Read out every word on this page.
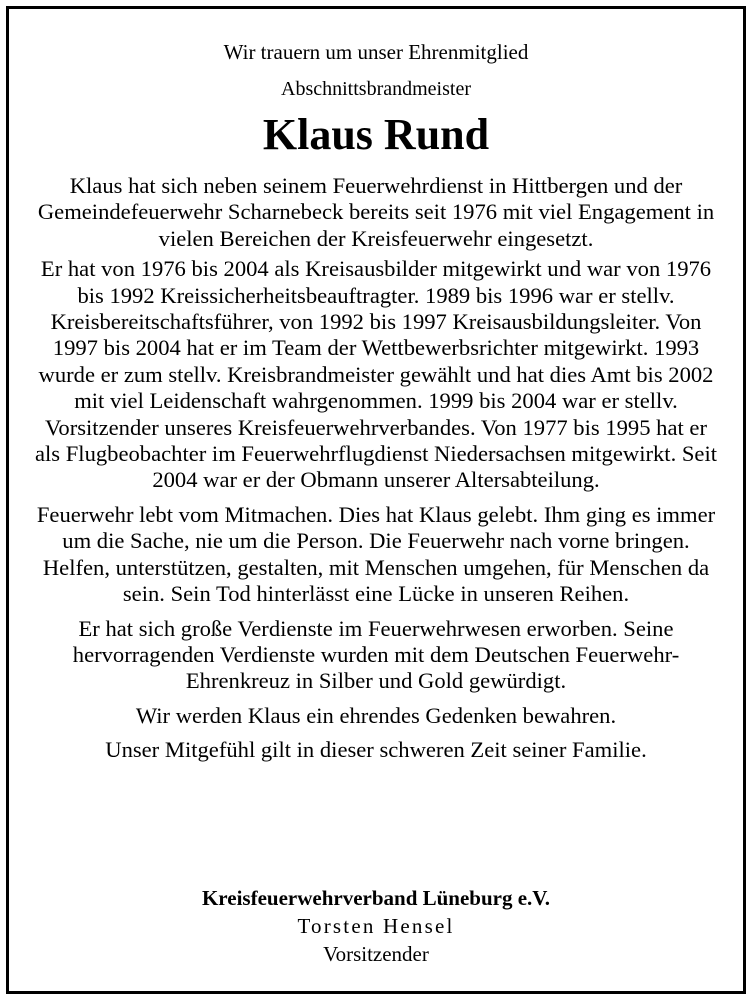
Wir trauern um unser Ehrenmitglied
Abschnittsbrandmeister
Klaus Rund

Klaus hat sich neben seinem Feuerwehrdienst in Hittbergen und der Gemeindefeuerwehr Scharnebeck bereits seit 1976 mit viel Engagement in vielen Bereichen der Kreisfeuerwehr eingesetzt.

Er hat von 1976 bis 2004 als Kreisausbilder mitgewirkt und war von 1976 bis 1992 Kreissicherheitsbeauftragter. 1989 bis 1996 war er stellv. Kreisbereitschaftsführer, von 1992 bis 1997 Kreisausbildungsleiter. Von 1997 bis 2004 hat er im Team der Wettbewerbsrichter mitgewirkt. 1993 wurde er zum stellv. Kreisbrandmeister gewählt und hat dies Amt bis 2002 mit viel Leidenschaft wahrgenommen. 1999 bis 2004 war er stellv. Vorsitzender unseres Kreisfeuerwehrverbandes. Von 1977 bis 1995 hat er als Flugbeobachter im Feuerwehrflugdienst Niedersachsen mitgewirkt. Seit 2004 war er der Obmann unserer Altersabteilung.

Feuerwehr lebt vom Mitmachen. Dies hat Klaus gelebt. Ihm ging es immer um die Sache, nie um die Person. Die Feuerwehr nach vorne bringen. Helfen, unterstützen, gestalten, mit Menschen umgehen, für Menschen da sein. Sein Tod hinterlässt eine Lücke in unseren Reihen.

Er hat sich große Verdienste im Feuerwehrwesen erworben. Seine hervorragenden Verdienste wurden mit dem Deutschen Feuerwehr-Ehrenkreuz in Silber und Gold gewürdigt.

Wir werden Klaus ein ehrendes Gedenken bewahren.

Unser Mitgefühl gilt in dieser schweren Zeit seiner Familie.

Kreisfeuerwehrverband Lüneburg e.V.
Torsten Hensel
Vorsitzender
